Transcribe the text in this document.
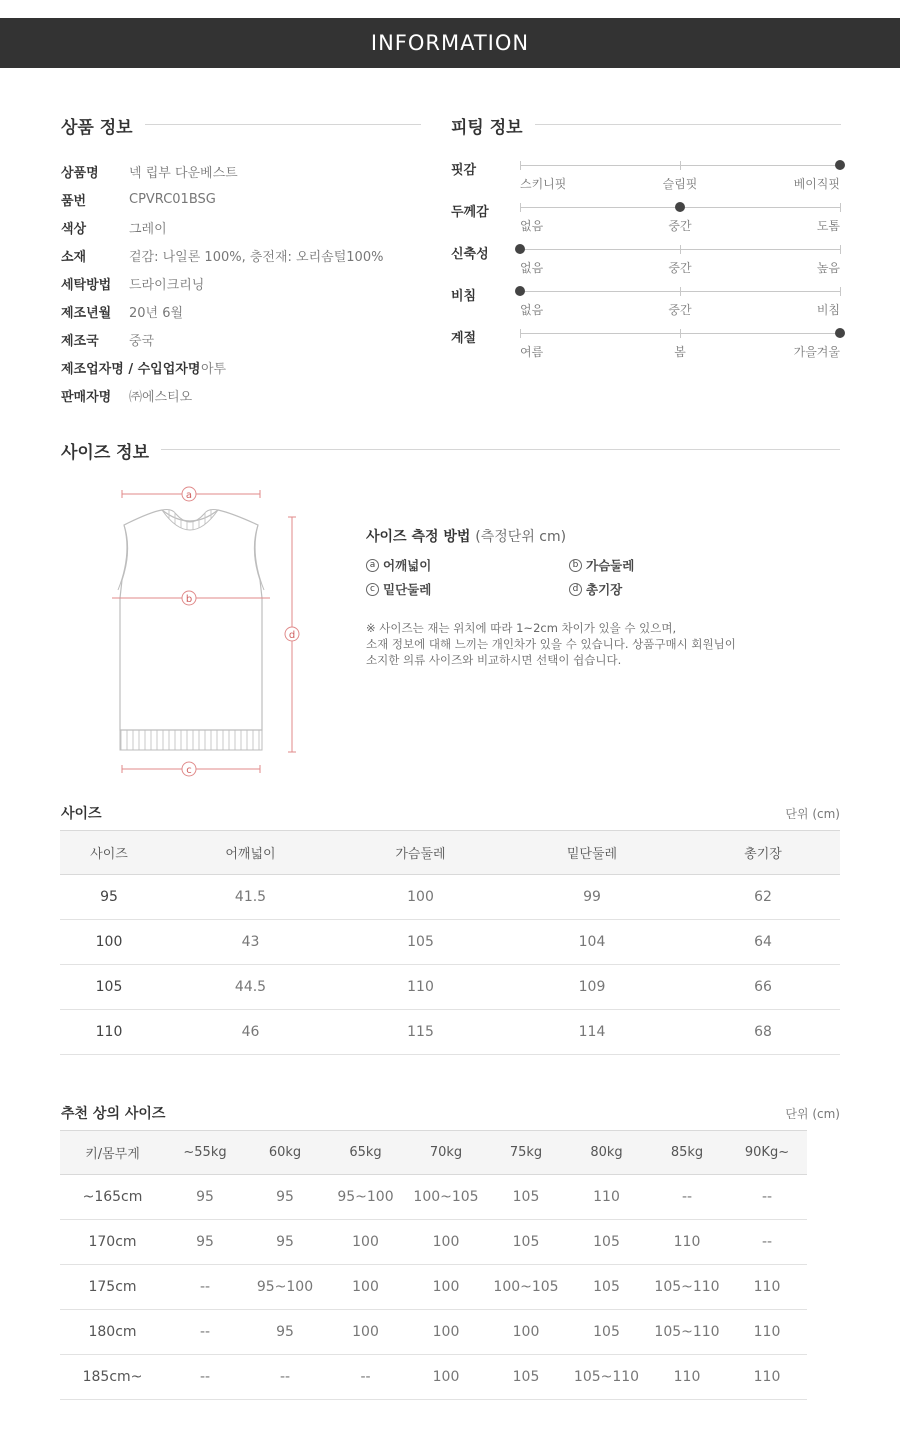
INFORMATION
상품 정보
상품명	넥 립부 다운베스트
품번	CPVRC01BSG
색상	그레이
소재	겉감: 나일론 100%, 충전재: 오리솜털100%
세탁방법	드라이크리닝
제조년월	20년 6월
제조국	중국
제조업자명 / 수입업자명 아투
판매자명	㈜에스티오
피팅 정보
핏감
스키니핏	슬림핏	베이직핏
두께감
없음	중간	도톰
신축성
없음	중간	높음
비침
없음	중간	비침
계절
여름	봄	가을겨울
사이즈 정보
a
b
c
d
사이즈 측정 방법 (측정단위 cm)
a 어깨넓이	b 가슴둘레
c 밑단둘레	d 총기장
※ 사이즈는 재는 위치에 따라 1~2cm 차이가 있을 수 있으며,
소재 정보에 대해 느끼는 개인차가 있을 수 있습니다. 상품구매시 회원님이
소지한 의류 사이즈와 비교하시면 선택이 쉽습니다.
사이즈	단위 (cm)
사이즈	어깨넓이	가슴둘레	밑단둘레	총기장
95	41.5	100	99	62
100	43	105	104	64
105	44.5	110	109	66
110	46	115	114	68
추천 상의 사이즈	단위 (cm)
키/몸무게	~55kg	60kg	65kg	70kg	75kg	80kg	85kg	90Kg~
~165cm	95	95	95~100	100~105	105	110	--	--
170cm	95	95	100	100	105	105	110	--
175cm	--	95~100	100	100	100~105	105	105~110	110
180cm	--	95	100	100	100	105	105~110	110
185cm~	--	--	--	100	105	105~110	110	110
